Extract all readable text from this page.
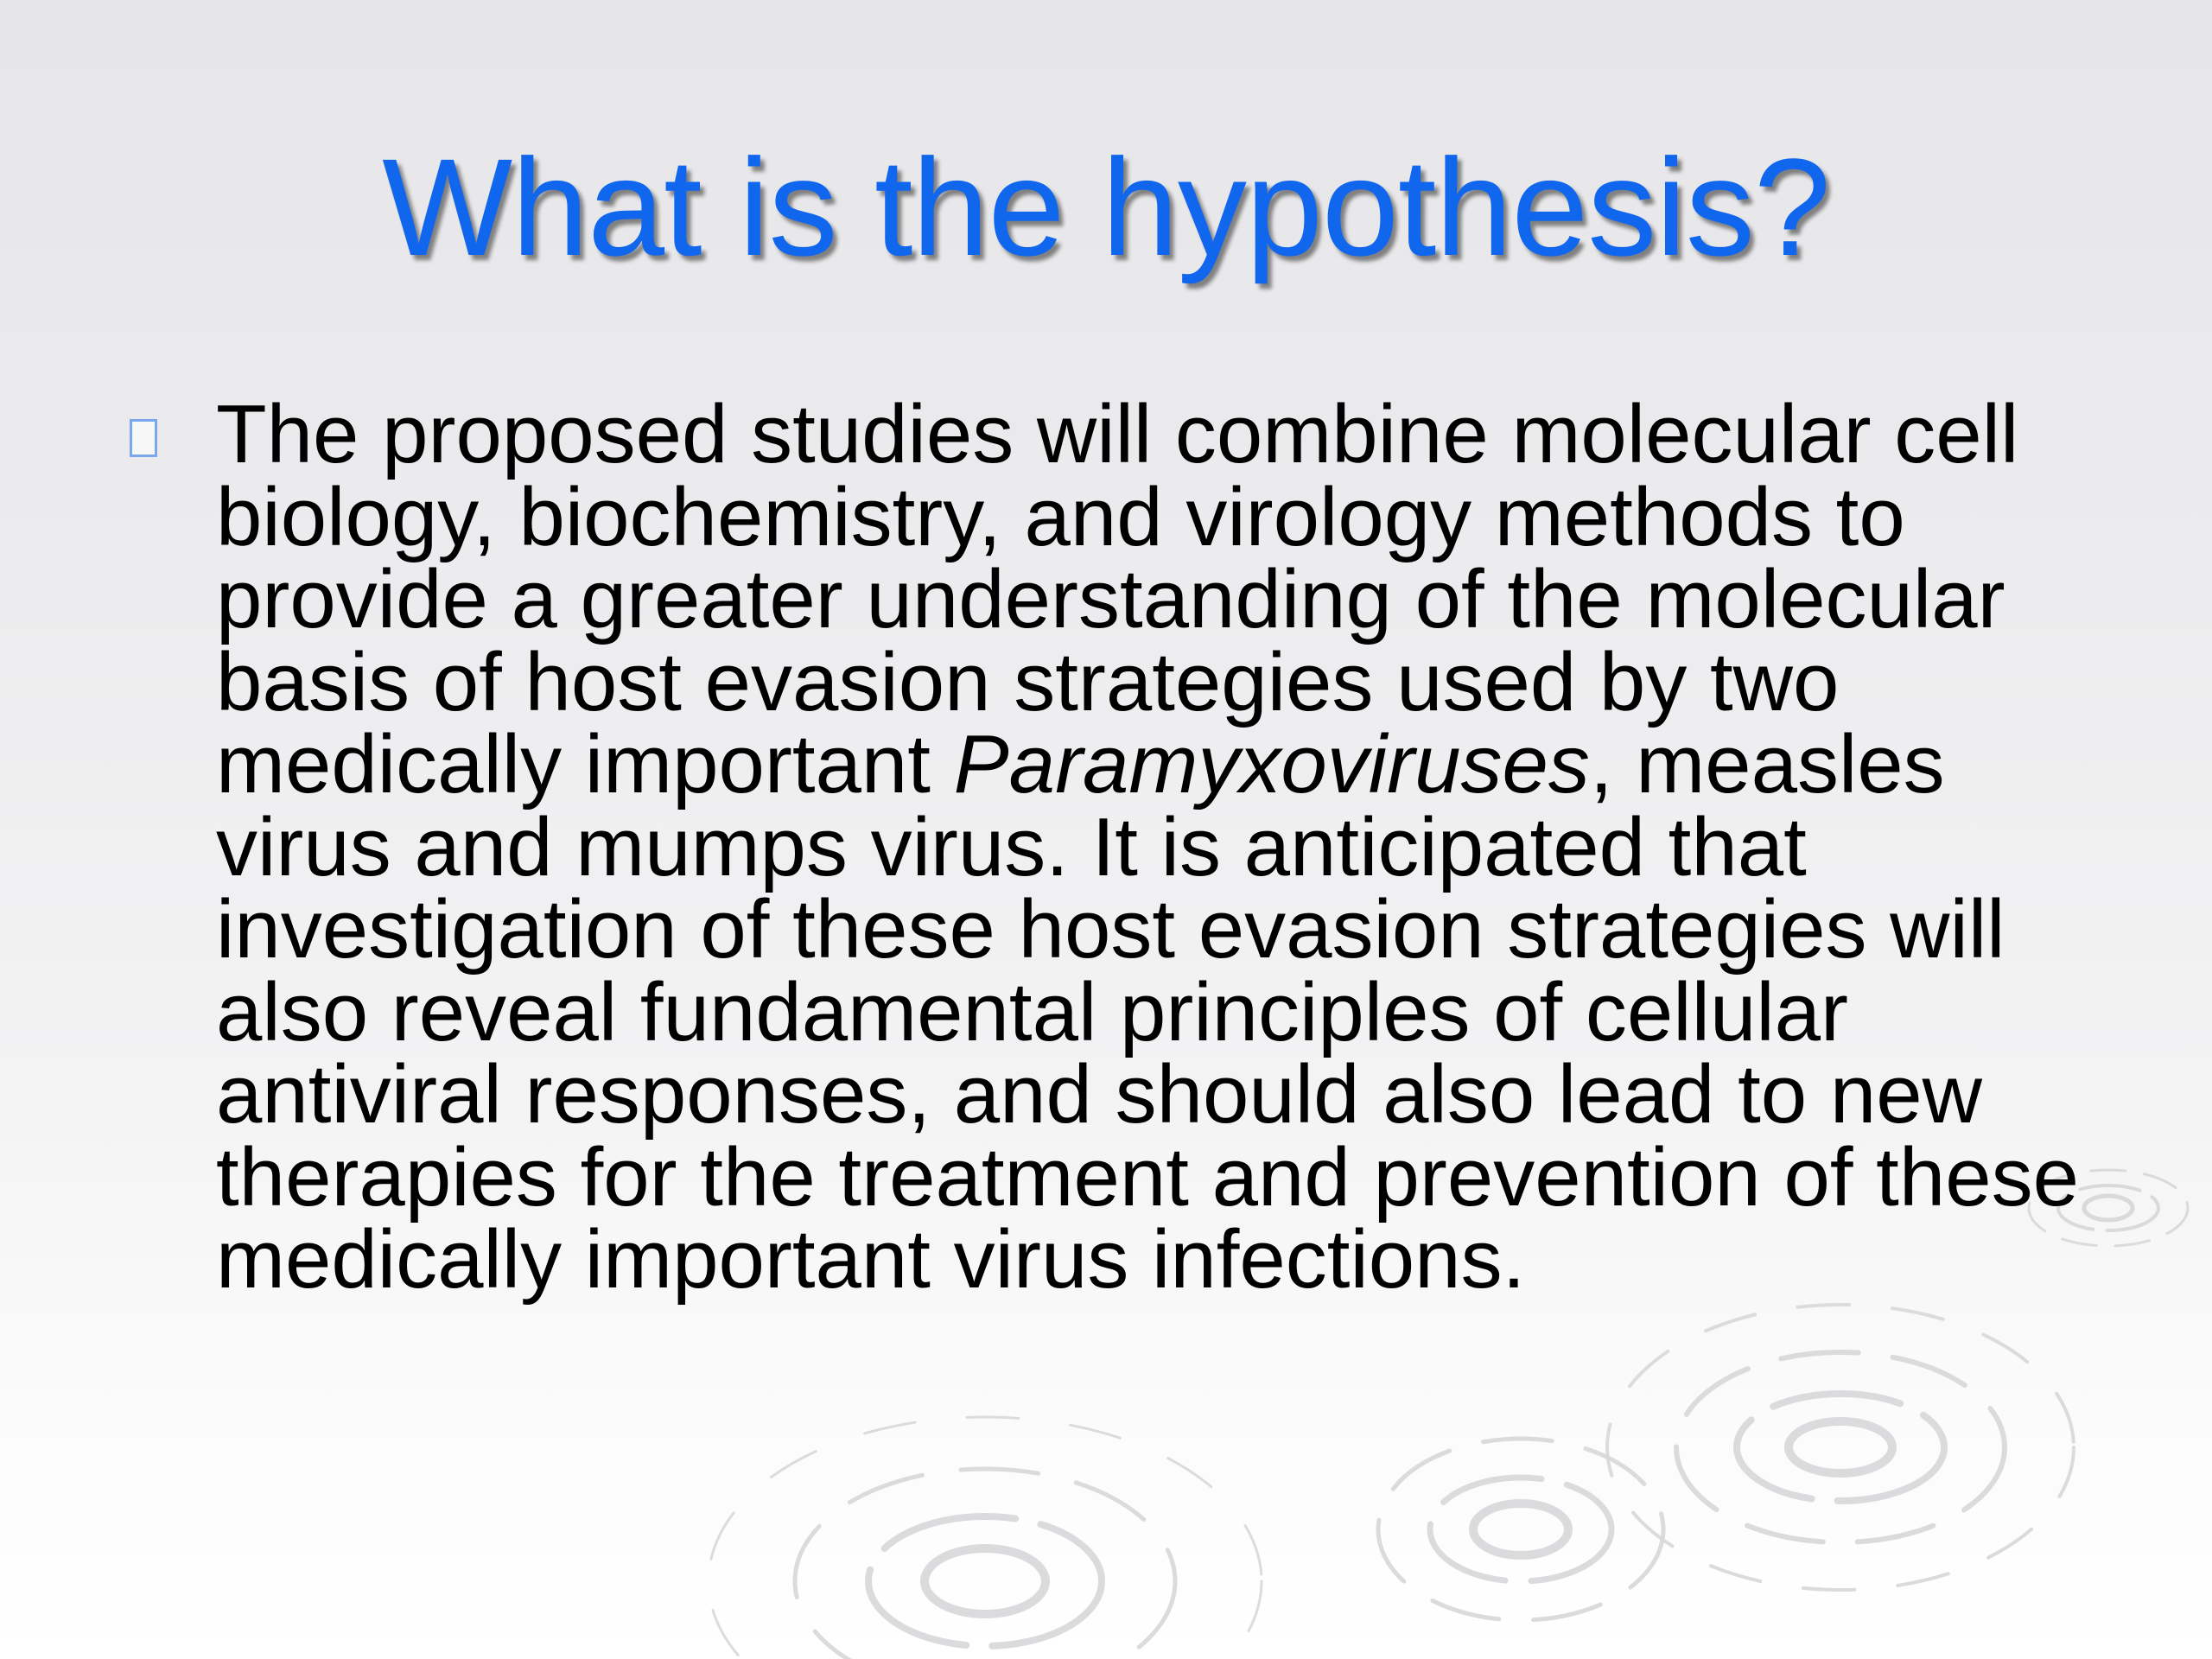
What is the hypothesis?

The proposed studies will combine molecular cell biology, biochemistry, and virology methods to provide a greater understanding of the molecular basis of host evasion strategies used by two medically important Paramyxoviruses, measles virus and mumps virus. It is anticipated that investigation of these host evasion strategies will also reveal fundamental principles of cellular antiviral responses, and should also lead to new therapies for the treatment and prevention of these medically important virus infections.
